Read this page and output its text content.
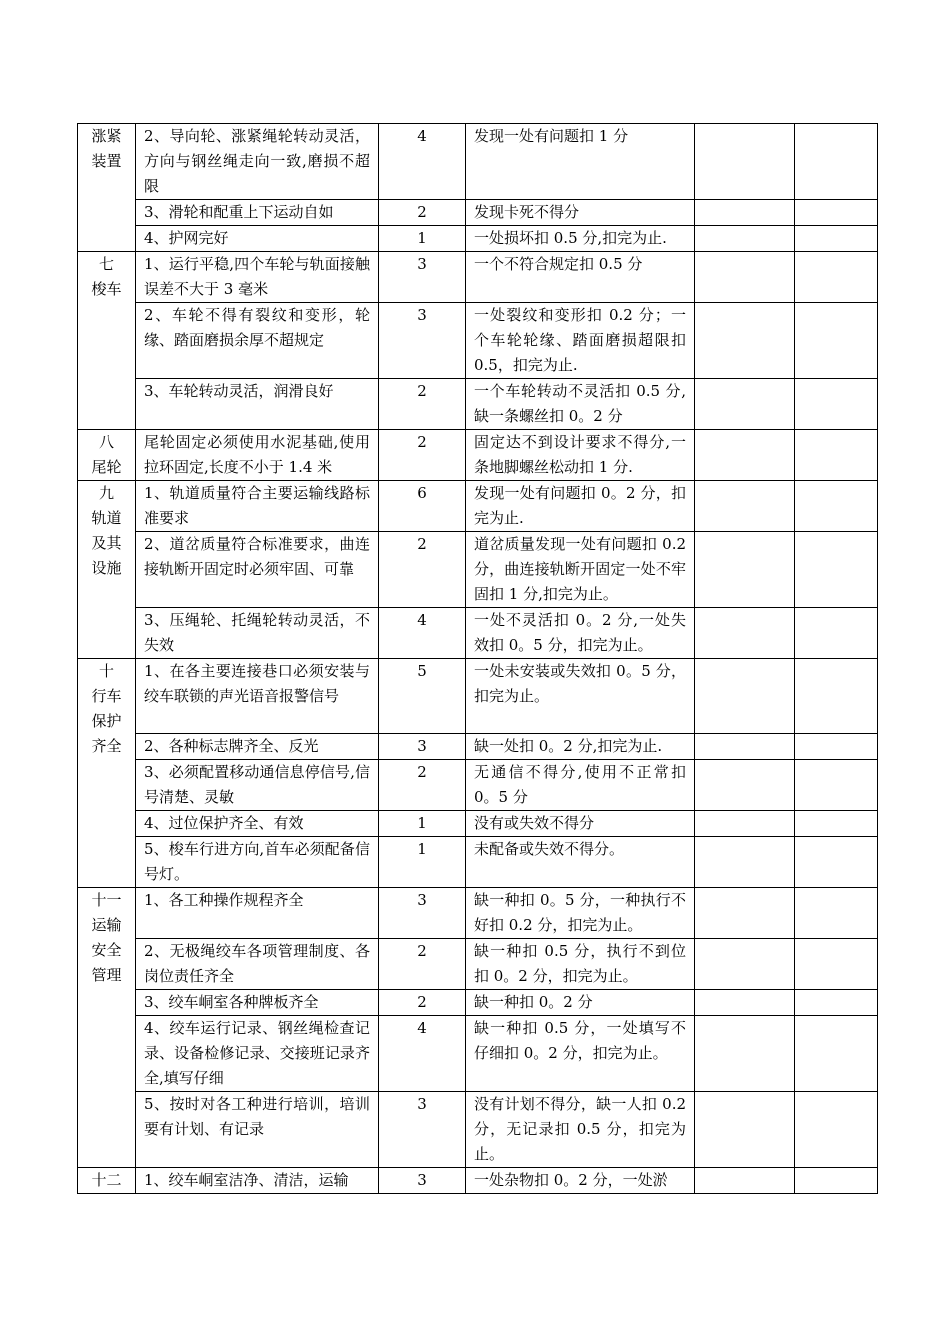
涨紧
装置	2、导向轮、涨紧绳轮转动灵活，方向与钢丝绳走向一致,磨损不超限	4	发现一处有问题扣 1 分		
	3、滑轮和配重上下运动自如	2	发现卡死不得分		
	4、护网完好	1	一处损坏扣 0.5 分,扣完为止.		

七
梭车	1、运行平稳,四个车轮与轨面接触误差不大于 3 毫米	3	一个不符合规定扣 0.5 分		
	2、车轮不得有裂纹和变形，轮缘、踏面磨损余厚不超规定	3	一处裂纹和变形扣 0.2 分；一个车轮轮缘、踏面磨损超限扣 0.5，扣完为止.		
	3、车轮转动灵活，润滑良好	2	一个车轮转动不灵活扣 0.5 分,缺一条螺丝扣 0。2 分		

八
尾轮	尾轮固定必须使用水泥基础,使用拉环固定,长度不小于 1.4 米	2	固定达不到设计要求不得分,一条地脚螺丝松动扣 1 分.		

九
轨道
及其
设施	1、轨道质量符合主要运输线路标准要求	6	发现一处有问题扣 0。2 分，扣完为止.		
	2、道岔质量符合标准要求，曲连接轨断开固定时必须牢固、可靠	2	道岔质量发现一处有问题扣 0.2 分，曲连接轨断开固定一处不牢固扣 1 分,扣完为止。		
	3、压绳轮、托绳轮转动灵活，不失效	4	一处不灵活扣 0。2 分,一处失效扣 0。5 分，扣完为止。		

十
行车
保护
齐全	1、在各主要连接巷口必须安装与绞车联锁的声光语音报警信号	5	一处未安装或失效扣 0。5 分，扣完为止。		
	2、各种标志牌齐全、反光	3	缺一处扣 0。2 分,扣完为止.		
	3、必须配置移动通信息停信号,信号清楚、灵敏	2	无通信不得分,使用不正常扣 0。5 分		
	4、过位保护齐全、有效	1	没有或失效不得分		
	5、梭车行进方向,首车必须配备信号灯。	1	未配备或失效不得分。		

十一
运输
安全
管理	1、各工种操作规程齐全	3	缺一种扣 0。5 分，一种执行不好扣 0.2 分，扣完为止。		
	2、无极绳绞车各项管理制度、各岗位责任齐全	2	缺一种扣 0.5 分，执行不到位扣 0。2 分，扣完为止。		
	3、绞车峒室各种牌板齐全	2	缺一种扣 0。2 分		
	4、绞车运行记录、钢丝绳检查记录、设备检修记录、交接班记录齐全,填写仔细	4	缺一种扣 0.5 分，一处填写不仔细扣 0。2 分，扣完为止。		
	5、按时对各工种进行培训，培训要有计划、有记录	3	没有计划不得分，缺一人扣 0.2 分，无记录扣 0.5 分，扣完为止。		

十二	1、绞车峒室洁净、清洁，运输	3	一处杂物扣 0。2 分，一处淤		
